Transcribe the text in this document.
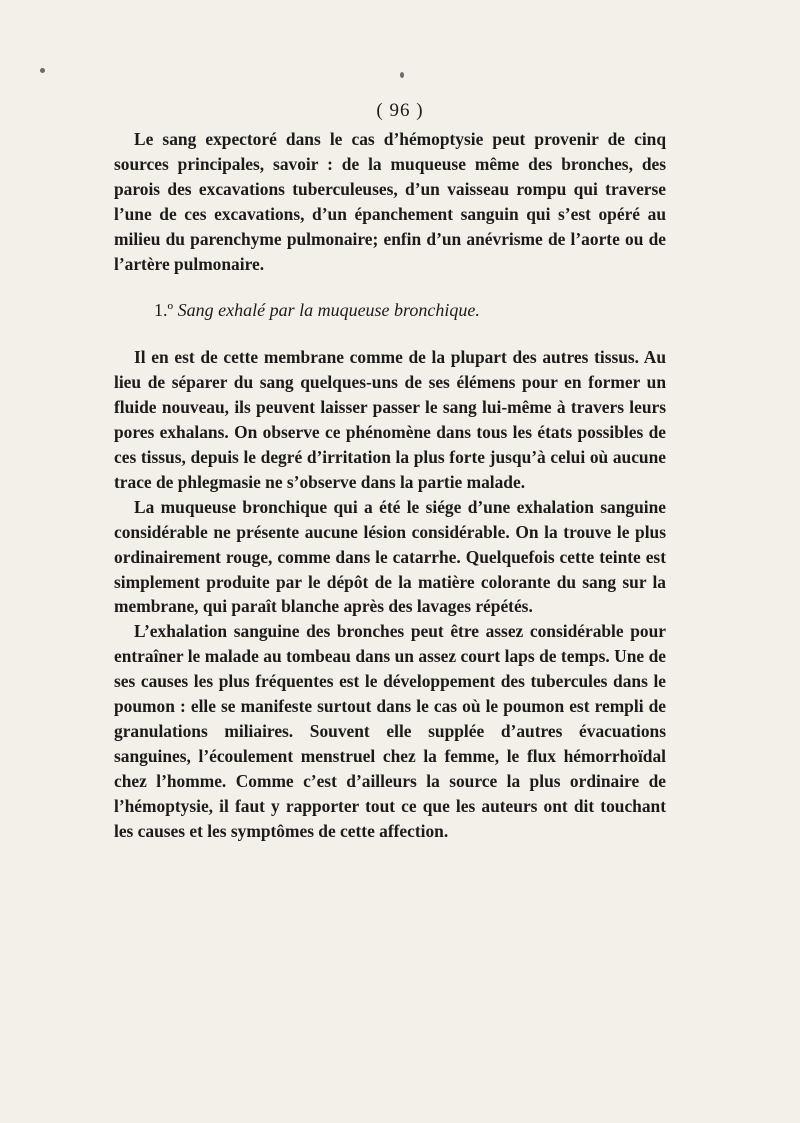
( 96 )

Le sang expectoré dans le cas d’hémoptysie peut provenir de cinq sources principales, savoir : de la muqueuse même des bronches, des parois des excavations tuberculeuses, d’un vaisseau rompu qui traverse l’une de ces excavations, d’un épanchement sanguin qui s’est opéré au milieu du parenchyme pulmonaire; enfin d’un anévrisme de l’aorte ou de l’artère pulmonaire.

1.º Sang exhalé par la muqueuse bronchique.

Il en est de cette membrane comme de la plupart des autres tissus. Au lieu de séparer du sang quelques-uns de ses élémens pour en former un fluide nouveau, ils peuvent laisser passer le sang lui-même à travers leurs pores exhalans. On observe ce phénomène dans tous les états possibles de ces tissus, depuis le degré d’irritation la plus forte jusqu’à celui où aucune trace de phlegmasie ne s’observe dans la partie malade.

La muqueuse bronchique qui a été le siége d’une exhalation sanguine considérable ne présente aucune lésion considérable. On la trouve le plus ordinairement rouge, comme dans le catarrhe. Quelquefois cette teinte est simplement produite par le dépôt de la matière colorante du sang sur la membrane, qui paraît blanche après des lavages répétés.

L’exhalation sanguine des bronches peut être assez considérable pour entraîner le malade au tombeau dans un assez court laps de temps. Une de ses causes les plus fréquentes est le développement des tubercules dans le poumon : elle se manifeste surtout dans le cas où le poumon est rempli de granulations miliaires. Souvent elle supplée d’autres évacuations sanguines, l’écoulement menstruel chez la femme, le flux hémorrhoïdal chez l’homme. Comme c’est d’ailleurs la source la plus ordinaire de l’hémoptysie, il faut y rapporter tout ce que les auteurs ont dit touchant les causes et les symptômes de cette affection.
